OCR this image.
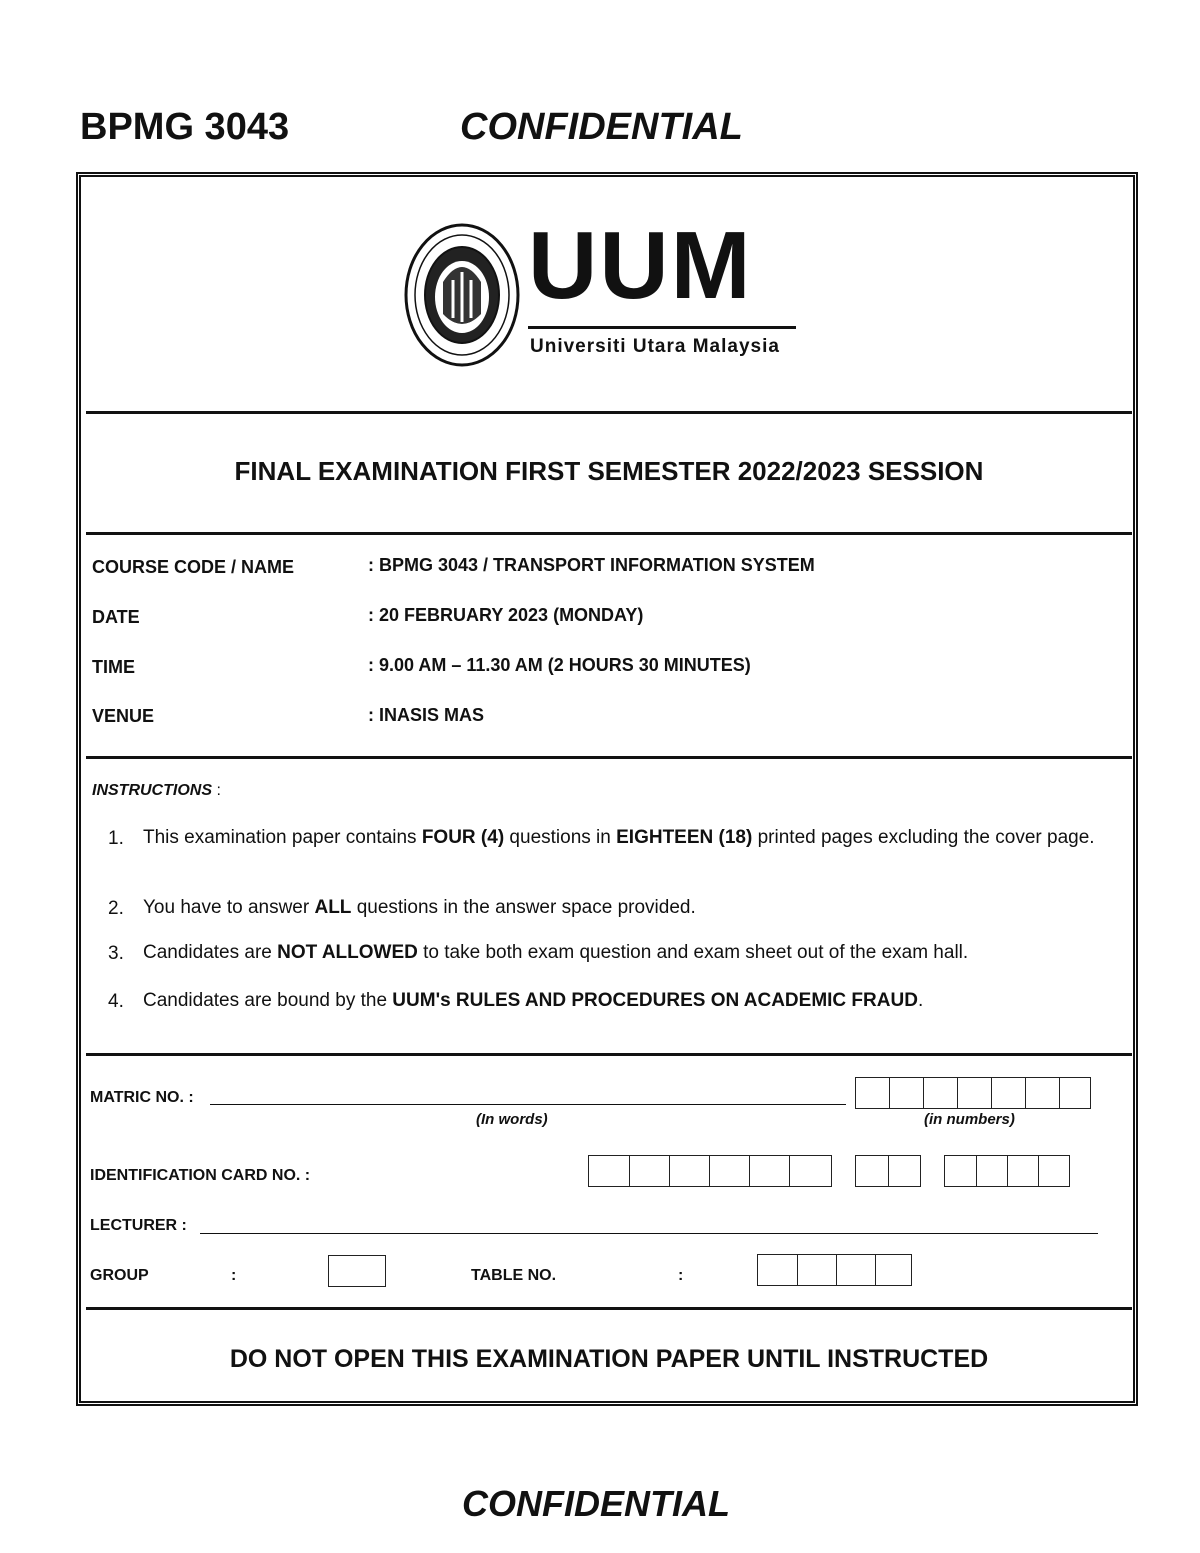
BPMG 3043	CONFIDENTIAL
UUM
Universiti Utara Malaysia
FINAL EXAMINATION FIRST SEMESTER 2022/2023 SESSION
COURSE CODE / NAME	: BPMG 3043 / TRANSPORT INFORMATION SYSTEM
DATE	: 20 FEBRUARY 2023 (MONDAY)
TIME	: 9.00 AM – 11.30 AM (2 HOURS 30 MINUTES)
VENUE	: INASIS MAS
INSTRUCTIONS :
1. This examination paper contains FOUR (4) questions in EIGHTEEN (18) printed pages excluding the cover page.
2. You have to answer ALL questions in the answer space provided.
3. Candidates are NOT ALLOWED to take both exam question and exam sheet out of the exam hall.
4. Candidates are bound by the UUM's RULES AND PROCEDURES ON ACADEMIC FRAUD.
MATRIC NO. :
(In words)	(in numbers)
IDENTIFICATION CARD NO. :
LECTURER :
GROUP	:	TABLE NO.	:
DO NOT OPEN THIS EXAMINATION PAPER UNTIL INSTRUCTED
CONFIDENTIAL
